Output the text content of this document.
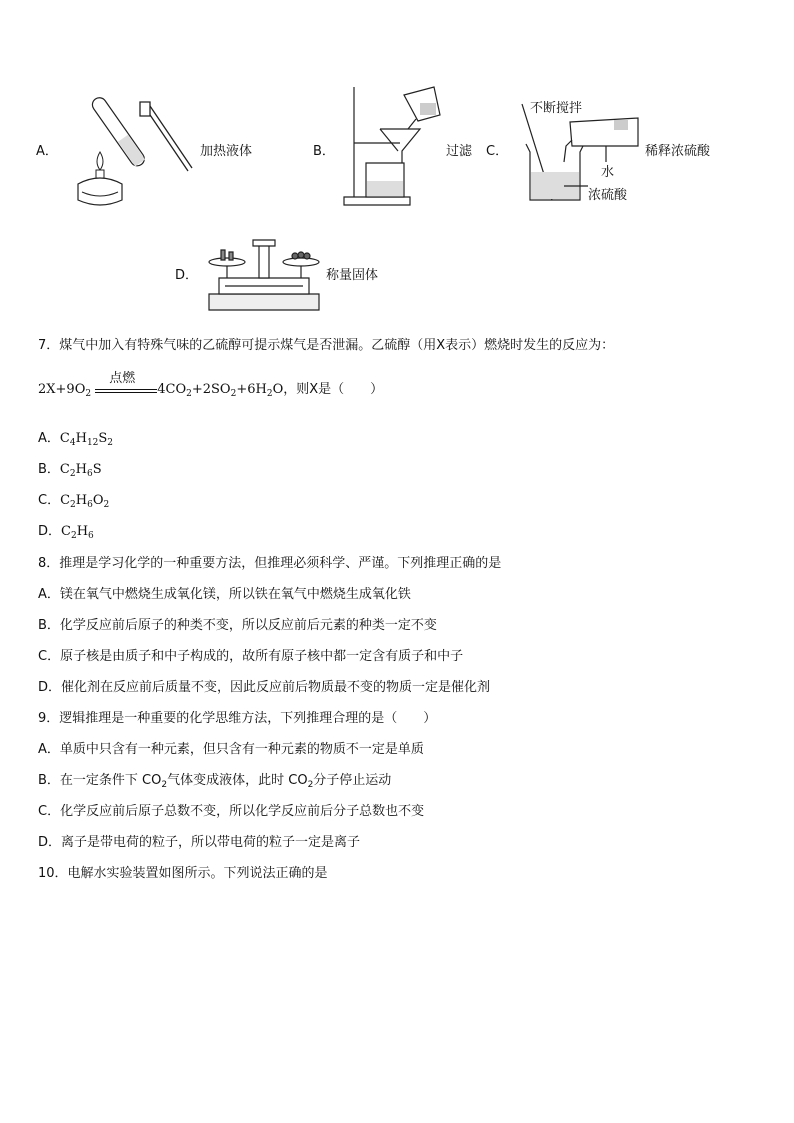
A．	加热液体	B．	过滤 C．
不断搅拌
稀释浓硫酸
水
浓硫酸
D．	称量固体
7．煤气中加入有特殊气味的乙硫醇可提示煤气是否泄漏。乙硫醇（用X表示）燃烧时发生的反应为：
$2X+9O_2$
点燃
$4CO_2+2SO_2+6H_2O$，则X是（　　）
A．$C_4H_{12}S_2$
B．$C_2H_6S$
C．$C_2H_6O_2$
D．$C_2H_6$
8．推理是学习化学的一种重要方法，但推理必须科学、严谨。下列推理正确的是
A．镁在氧气中燃烧生成氧化镁，所以铁在氧气中燃烧生成氧化铁
B．化学反应前后原子的种类不变，所以反应前后元素的种类一定不变
C．原子核是由质子和中子构成的，故所有原子核中都一定含有质子和中子
D．催化剂在反应前后质量不变，因此反应前后物质最不变的物质一定是催化剂
9．逻辑推理是一种重要的化学思维方法，下列推理合理的是（　　）
A．单质中只含有一种元素，但只含有一种元素的物质不一定是单质
B．在一定条件下 $CO_2$气体变成液体，此时 $CO_2$分子停止运动
C．化学反应前后原子总数不变，所以化学反应前后分子总数也不变
D．离子是带电荷的粒子，所以带电荷的粒子一定是离子
10．电解水实验装置如图所示。下列说法正确的是
